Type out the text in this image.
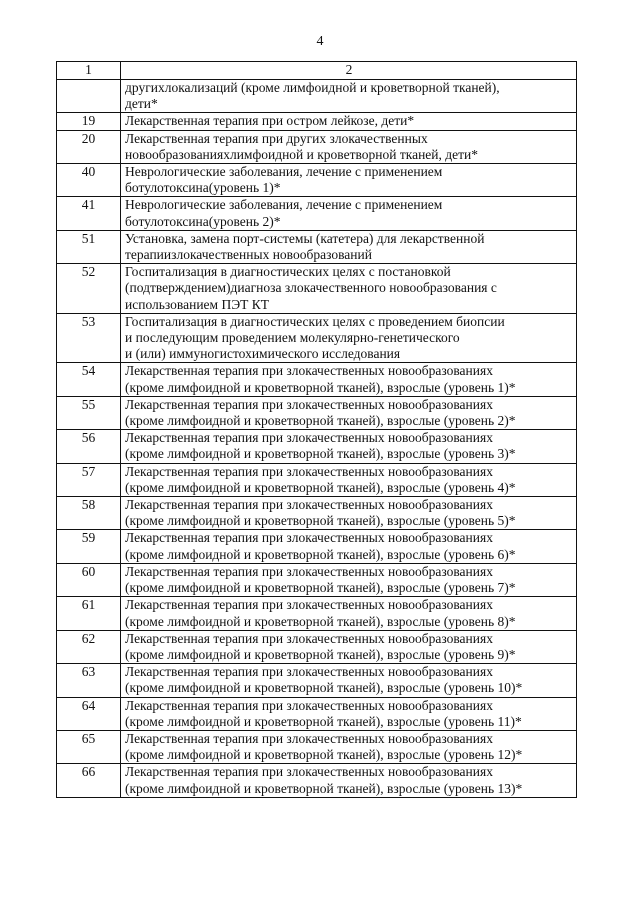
4
1	2
	другихлокализаций (кроме лимфоидной и кроветворной тканей),
дети*
19	Лекарственная терапия при остром лейкозе, дети*
20	Лекарственная терапия при других злокачественных
новообразованияхлимфоидной и кроветворной тканей, дети*
40	Неврологические заболевания, лечение с применением
ботулотоксина(уровень 1)*
41	Неврологические заболевания, лечение с применением
ботулотоксина(уровень 2)*
51	Установка, замена порт-системы (катетера) для лекарственной
терапиизлокачественных новообразований
52	Госпитализация в диагностических целях с постановкой
(подтверждением)диагноза злокачественного новообразования с
использованием ПЭТ КТ
53	Госпитализация в диагностических целях с проведением биопсии
и последующим проведением молекулярно-генетического
и (или) иммуногистохимического исследования
54	Лекарственная терапия при злокачественных новообразованиях
(кроме лимфоидной и кроветворной тканей), взрослые (уровень 1)*
55	Лекарственная терапия при злокачественных новообразованиях
(кроме лимфоидной и кроветворной тканей), взрослые (уровень 2)*
56	Лекарственная терапия при злокачественных новообразованиях
(кроме лимфоидной и кроветворной тканей), взрослые (уровень 3)*
57	Лекарственная терапия при злокачественных новообразованиях
(кроме лимфоидной и кроветворной тканей), взрослые (уровень 4)*
58	Лекарственная терапия при злокачественных новообразованиях
(кроме лимфоидной и кроветворной тканей), взрослые (уровень 5)*
59	Лекарственная терапия при злокачественных новообразованиях
(кроме лимфоидной и кроветворной тканей), взрослые (уровень 6)*
60	Лекарственная терапия при злокачественных новообразованиях
(кроме лимфоидной и кроветворной тканей), взрослые (уровень 7)*
61	Лекарственная терапия при злокачественных новообразованиях
(кроме лимфоидной и кроветворной тканей), взрослые (уровень 8)*
62	Лекарственная терапия при злокачественных новообразованиях
(кроме лимфоидной и кроветворной тканей), взрослые (уровень 9)*
63	Лекарственная терапия при злокачественных новообразованиях
(кроме лимфоидной и кроветворной тканей), взрослые (уровень 10)*
64	Лекарственная терапия при злокачественных новообразованиях
(кроме лимфоидной и кроветворной тканей), взрослые (уровень 11)*
65	Лекарственная терапия при злокачественных новообразованиях
(кроме лимфоидной и кроветворной тканей), взрослые (уровень 12)*
66	Лекарственная терапия при злокачественных новообразованиях
(кроме лимфоидной и кроветворной тканей), взрослые (уровень 13)*
